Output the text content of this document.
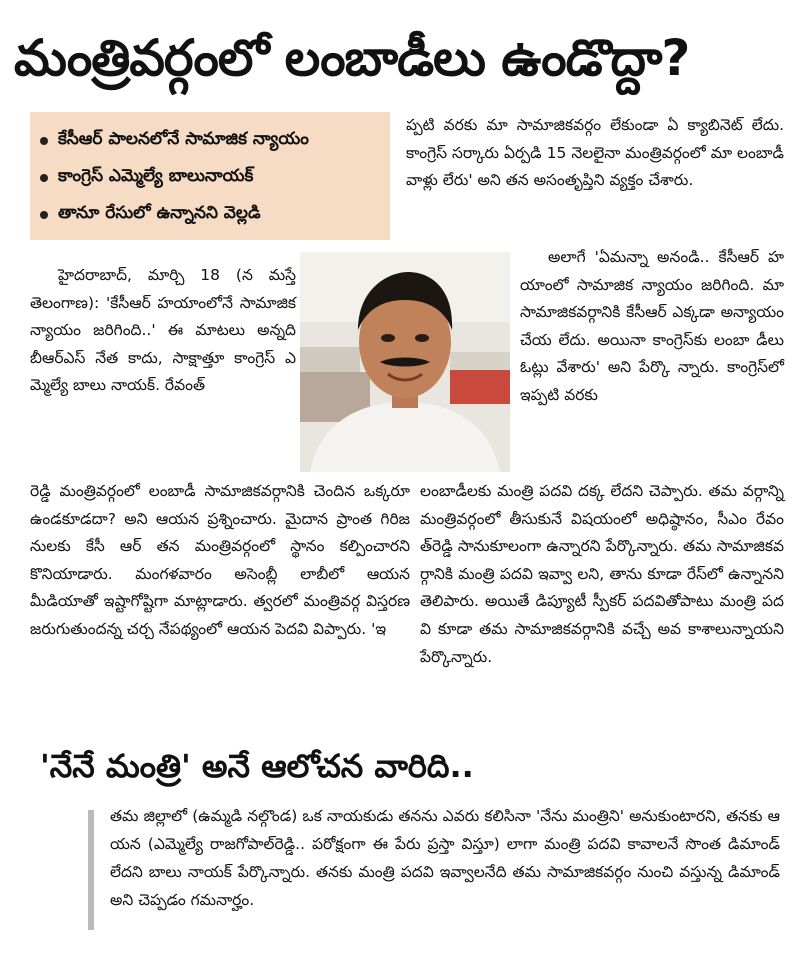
మంత్రివర్గంలో లంబాడీలు ఉండొద్దా?
కేసీఆర్ పాలనలోనే సామాజిక న్యాయం
కాంగ్రెస్ ఎమ్మెల్యే బాలునాయక్
తానూ రేసులో ఉన్నానని వెల్లడి

ప్పటి వరకు మా సామాజికవర్గం లేకుండా ఏ క్యాబినెట్ లేదు. కాంగ్రెస్ సర్కారు ఏర్పడి 15 నెలలైనా మంత్రివర్గంలో మా లంబాడీ వాళ్లు లేరు' అని తన అసంతృప్తిని వ్యక్తం చేశారు.

అలాగే 'ఏమన్నా అనండి.. కేసీఆర్ హయాంలో సామాజిక న్యాయం జరిగింది. మా సామాజికవర్గానికి కేసీఆర్ ఎక్కడా అన్యాయం చేయ లేదు. అయినా కాంగ్రెస్‌కు లంబా డీలు ఓట్లు వేశారు' అని పేర్కొ న్నారు. కాంగ్రెస్‌లో ఇప్పటి వరకు

లంబాడీలకు మంత్రి పదవి దక్క లేదని చెప్పారు. తమ వర్గాన్ని మంత్రివర్గంలో తీసుకునే విషయంలో అధిష్ఠానం, సీఎం రేవం త్‌రెడ్డి సానుకూలంగా ఉన్నారని పేర్కొన్నారు. తమ సామాజికవర్గానికి మంత్రి పదవి ఇవ్వా లని, తాను కూడా రేస్‌లో ఉన్నానని తెలిపారు. అయితే డిప్యూటీ స్పీకర్ పదవితోపాటు మంత్రి పదవి కూడా తమ సామాజికవర్గానికి వచ్చే అవ కాశాలున్నాయని పేర్కొన్నారు.

హైదరాబాద్, మార్చి 18 (న మస్తే తెలంగాణ): 'కేసీఆర్ హయాంలోనే సామాజిక న్యాయం జరిగింది..' ఈ మాటలు అన్నది బీఆర్‌ఎస్ నేత కాదు, సాక్షాత్తూ కాంగ్రెస్ ఎమ్మెల్యే బాలు నాయక్. రేవంత్

రెడ్డి మంత్రివర్గంలో లంబాడీ సామాజికవర్గానికి చెందిన ఒక్కరూ ఉండకూడదా? అని ఆయన ప్రశ్నించారు. మైదాన ప్రాంత గిరిజనులకు కేసీ ఆర్ తన మంత్రివర్గంలో స్థానం కల్పించారని కొనియాడారు. మంగళవారం అసెంబ్లీ లాబీలో ఆయన మీడియాతో ఇష్టాగోష్టిగా మాట్లాడారు. త్వరలో మంత్రివర్గ విస్తరణ జరుగుతుందన్న చర్చ నేపథ్యంలో ఆయన పెదవి విప్పారు. 'ఇ

'నేనే మంత్రి' అనే ఆలోచన వారిది..

తమ జిల్లాలో (ఉమ్మడి నల్గొండ) ఒక నాయకుడు తనను ఎవరు కలిసినా 'నేను మంత్రిని' అనుకుంటారని, తనకు ఆయన (ఎమ్మెల్యే రాజగోపాల్‌రెడ్డి.. పరోక్షంగా ఈ పేరు ప్రస్తా విస్తూ) లాగా మంత్రి పదవి కావాలనే సొంత డిమాండ్ లేదని బాలు నాయక్ పేర్కొన్నారు. తనకు మంత్రి పదవి ఇవ్వాలనేది తమ సామాజికవర్గం నుంచి వస్తున్న డిమాండ్ అని చెప్పడం గమనార్హం.
